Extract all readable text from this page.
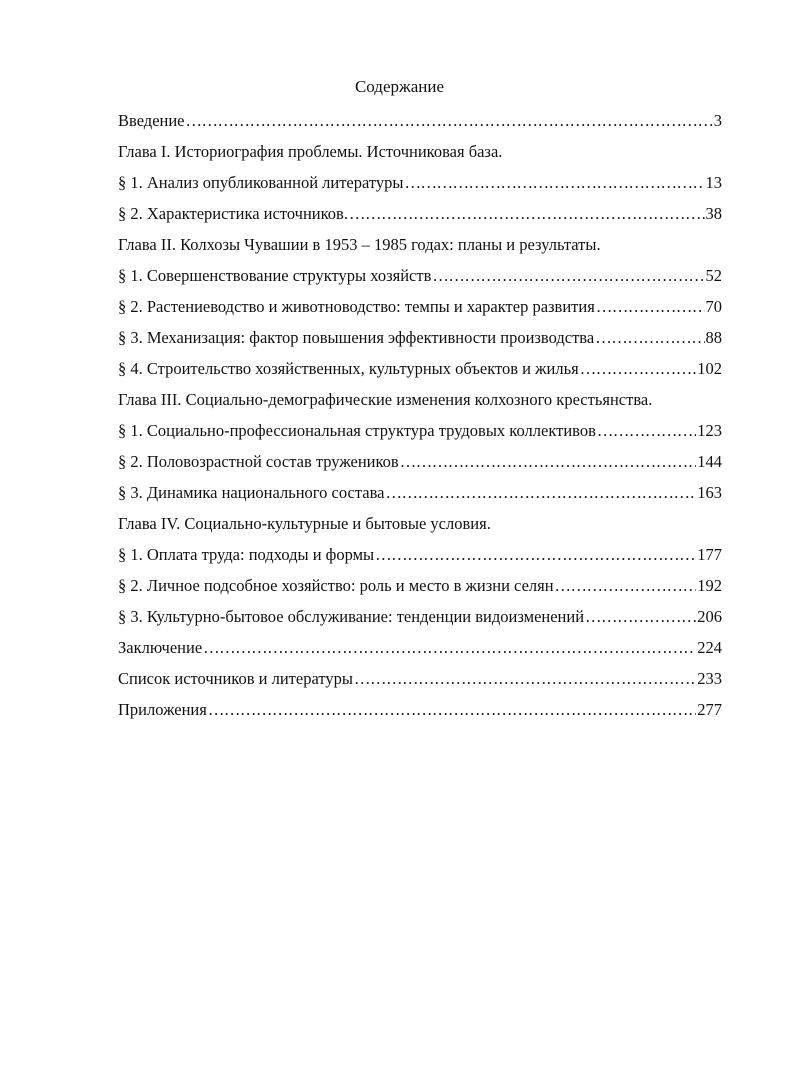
Содержание
Введение ……………………………………………………………………………………………………………………………………………………………………………………………………	3
Глава I. Историография проблемы. Источниковая база.
§ 1. Анализ опубликованной литературы ……………………………………………………………………………………………………………………………………………………………………………………………………	13
§ 2. Характеристика источников. ……………………………………………………………………………………………………………………………………………………………………………………………………	38
Глава II. Колхозы Чувашии в 1953 – 1985 годах: планы и результаты.
§ 1. Совершенствование структуры хозяйств ……………………………………………………………………………………………………………………………………………………………………………………………………	52
§ 2. Растениеводство и животноводство: темпы и характер развития ……………………………………………………………………………………………………………………………………………………………………………………………………	70
§ 3. Механизация: фактор повышения эффективности производства ……………………………………………………………………………………………………………………………………………………………………………………………………	88
§ 4. Строительство хозяйственных, культурных объектов и жилья ……………………………………………………………………………………………………………………………………………………………………………………………………	102
Глава III. Социально-демографические изменения колхозного крестьянства.
§ 1. Социально-профессиональная структура трудовых коллективов ……………………………………………………………………………………………………………………………………………………………………………………………………	123
§ 2. Половозрастной состав тружеников ……………………………………………………………………………………………………………………………………………………………………………………………………	144
§ 3. Динамика национального состава ……………………………………………………………………………………………………………………………………………………………………………………………………	163
Глава IV. Социально-культурные и бытовые условия.
§ 1. Оплата труда: подходы и формы ……………………………………………………………………………………………………………………………………………………………………………………………………	177
§ 2. Личное подсобное хозяйство: роль и место в жизни селян ……………………………………………………………………………………………………………………………………………………………………………………………………	192
§ 3. Культурно-бытовое обслуживание: тенденции видоизменений ……………………………………………………………………………………………………………………………………………………………………………………………………	206
Заключение ……………………………………………………………………………………………………………………………………………………………………………………………………	224
Список источников и литературы ……………………………………………………………………………………………………………………………………………………………………………………………………	233
Приложения ……………………………………………………………………………………………………………………………………………………………………………………………………	277
